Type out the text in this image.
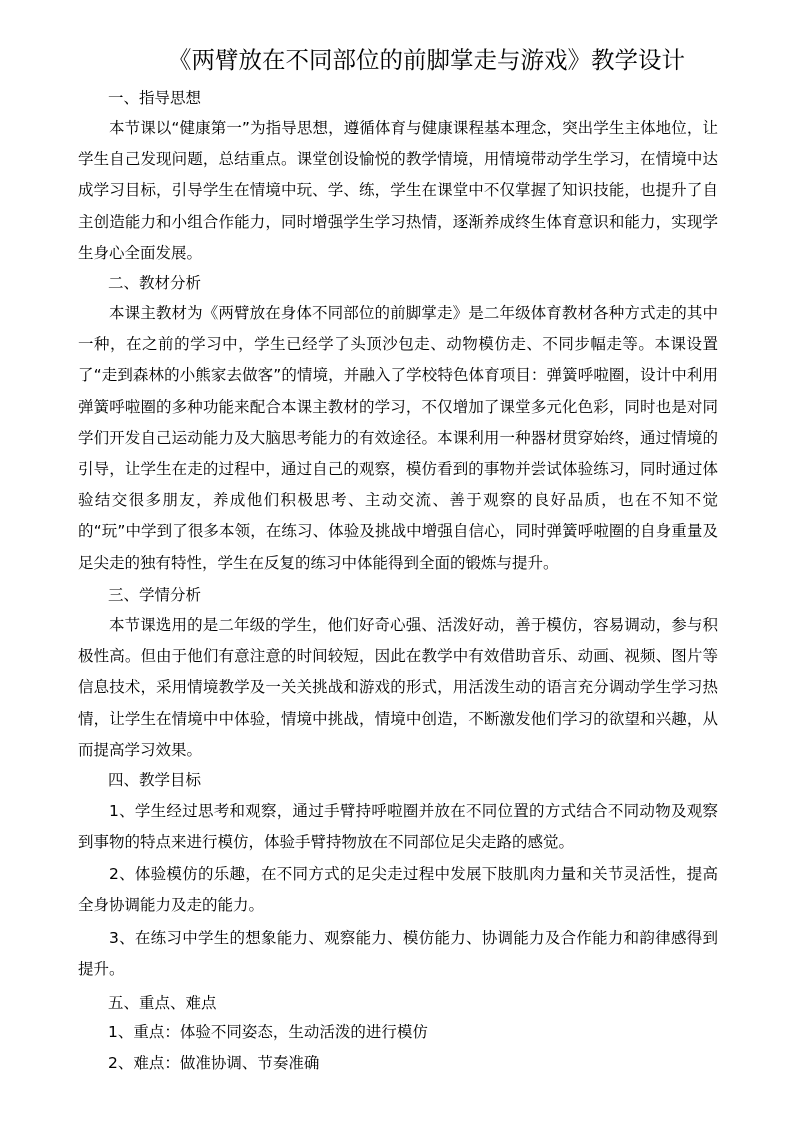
《两臂放在不同部位的前脚掌走与游戏》教学设计
一、指导思想

本节课以“健康第一”为指导思想，遵循体育与健康课程基本理念，突出学生主体地位，让学生自己发现问题，总结重点。课堂创设愉悦的教学情境，用情境带动学生学习，在情境中达成学习目标，引导学生在情境中玩、学、练，学生在课堂中不仅掌握了知识技能，也提升了自主创造能力和小组合作能力，同时增强学生学习热情，逐渐养成终生体育意识和能力，实现学生身心全面发展。

二、教材分析

本课主教材为《两臂放在身体不同部位的前脚掌走》是二年级体育教材各种方式走的其中一种，在之前的学习中，学生已经学了头顶沙包走、动物模仿走、不同步幅走等。本课设置了“走到森林的小熊家去做客”的情境，并融入了学校特色体育项目：弹簧呼啦圈，设计中利用弹簧呼啦圈的多种功能来配合本课主教材的学习，不仅增加了课堂多元化色彩，同时也是对同学们开发自己运动能力及大脑思考能力的有效途径。本课利用一种器材贯穿始终，通过情境的引导，让学生在走的过程中，通过自己的观察，模仿看到的事物并尝试体验练习，同时通过体验结交很多朋友，养成他们积极思考、主动交流、善于观察的良好品质，也在不知不觉的“玩”中学到了很多本领，在练习、体验及挑战中增强自信心，同时弹簧呼啦圈的自身重量及足尖走的独有特性，学生在反复的练习中体能得到全面的锻炼与提升。

三、学情分析

本节课选用的是二年级的学生，他们好奇心强、活泼好动，善于模仿，容易调动，参与积极性高。但由于他们有意注意的时间较短，因此在教学中有效借助音乐、动画、视频、图片等信息技术，采用情境教学及一关关挑战和游戏的形式，用活泼生动的语言充分调动学生学习热情，让学生在情境中中体验，情境中挑战，情境中创造，不断激发他们学习的欲望和兴趣，从而提高学习效果。

四、教学目标

1、学生经过思考和观察，通过手臂持呼啦圈并放在不同位置的方式结合不同动物及观察到事物的特点来进行模仿，体验手臂持物放在不同部位足尖走路的感觉。

2、体验模仿的乐趣，在不同方式的足尖走过程中发展下肢肌肉力量和关节灵活性，提高全身协调能力及走的能力。

3、在练习中学生的想象能力、观察能力、模仿能力、协调能力及合作能力和韵律感得到提升。

五、重点、难点
1、重点：体验不同姿态，生动活泼的进行模仿
2、难点：做准协调、节奏准确
